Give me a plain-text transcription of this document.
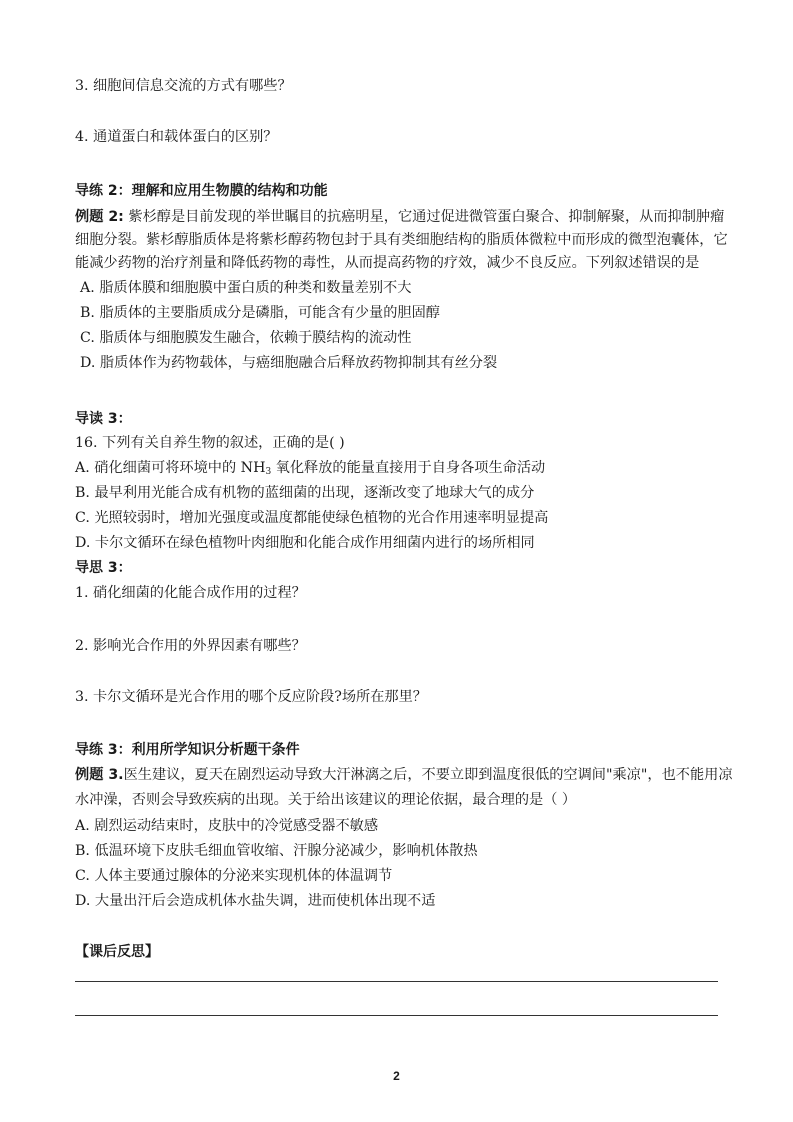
3. 细胞间信息交流的方式有哪些？
4. 通道蛋白和载体蛋白的区别？
导练 2：理解和应用生物膜的结构和功能
例题 2: 紫杉醇是目前发现的举世瞩目的抗癌明星，它通过促进微管蛋白聚合、抑制解聚，从而抑制肿瘤
细胞分裂。紫杉醇脂质体是将紫杉醇药物包封于具有类细胞结构的脂质体微粒中而形成的微型泡囊体，它
能减少药物的治疗剂量和降低药物的毒性，从而提高药物的疗效，减少不良反应。下列叙述错误的是
A. 脂质体膜和细胞膜中蛋白质的种类和数量差别不大
B. 脂质体的主要脂质成分是磷脂，可能含有少量的胆固醇
C. 脂质体与细胞膜发生融合，依赖于膜结构的流动性
D. 脂质体作为药物载体，与癌细胞融合后释放药物抑制其有丝分裂
导读 3：
16. 下列有关自养生物的叙述，正确的是( )
A. 硝化细菌可将环境中的 $NH_3$ 氧化释放的能量直接用于自身各项生命活动
B. 最早利用光能合成有机物的蓝细菌的出现，逐渐改变了地球大气的成分
C. 光照较弱时，增加光强度或温度都能使绿色植物的光合作用速率明显提高
D. 卡尔文循环在绿色植物叶肉细胞和化能合成作用细菌内进行的场所相同
导思 3：
1. 硝化细菌的化能合成作用的过程？
2. 影响光合作用的外界因素有哪些？
3. 卡尔文循环是光合作用的哪个反应阶段?场所在那里？
导练 3：利用所学知识分析题干条件
例题 3.医生建议，夏天在剧烈运动导致大汗淋漓之后，不要立即到温度很低的空调间"乘凉"，也不能用凉
水冲澡，否则会导致疾病的出现。关于给出该建议的理论依据，最合理的是（ ）
A. 剧烈运动结束时，皮肤中的冷觉感受器不敏感
B. 低温环境下皮肤毛细血管收缩、汗腺分泌减少，影响机体散热
C. 人体主要通过腺体的分泌来实现机体的体温调节
D. 大量出汗后会造成机体水盐失调，进而使机体出现不适
【课后反思】
2
